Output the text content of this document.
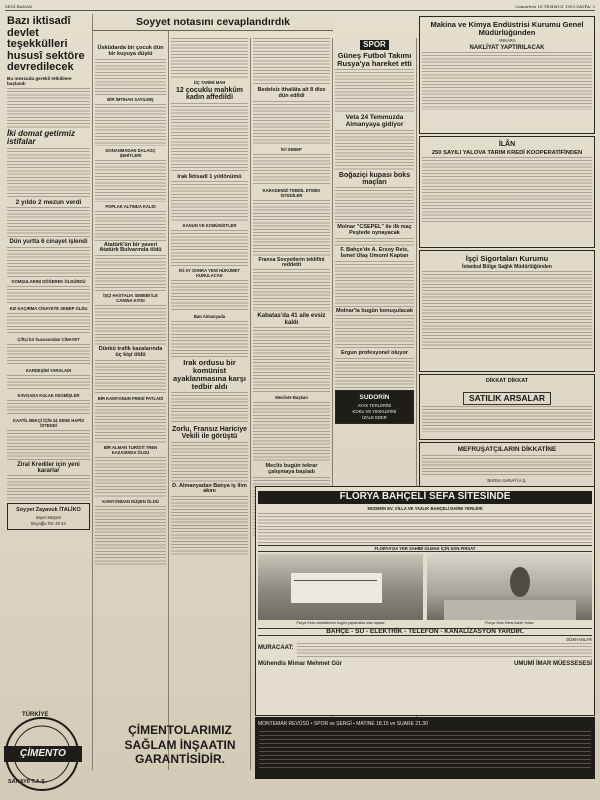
SEGİ BANAN	Cumartesi 18 TEMMUZ 1953 SAYFA: 3
Bazı iktisadî devlet teşekkülleri hususî sektöre devredilecek
Bu mevzuda gerekli tetkiklere başlandı
İki domat getirmiz istifalar
2 yıldo 2 mezun verdi
Dün yurtta 6 cinayet işlendi
KOMŞULARINI DÖĞEREK ÖLDÜRDÜ
KIZ KAÇIRMA CİNAYETE SEBEP OLDU
Çiftçi bir hususundan CİNAYET
KARDEŞİNİ YARALADI
KAVGADA KULAK KESMİŞLER
KAATİL BEKÇİ İÇİN 24 SENE HAPİS İSTENDİ
Ziraî Krediler için yeni kararlar
Soyyet Zayavuk İTALİKO
Sayın Müşteri
Beyoğlu Tel: 49 34
Üsküdarda bir çocuk dün bir kuyuya düştü
BİR İMTİHAN SAYILMIŞ
DONANMADAN DALAGÇ ŞEHİTLERİ
POPLAK ALTINDA KALDI
Atatürk'ün bir yaveri Atatürk Bulvarında öldü
İŞÇİ HASTALIK SEBEBİ İLE CANINA KIYDI
Dünkü trafik kazalarında üç kişi öldü
BİR KAMYONUN FRENİ PATLADI
BİR ALMAN TURİSTİ TREN KAZASINDA ÖLDÜ
KAMYONDAN DÜŞEN ÖLDÜ
Soyyet notasını cevaplandırdık
ÜÇ TARİHİ MAH
12 çocuklu mahkûm kadın affedildi
Irak İktisadî 1 yıldönümü
KANUN VE KOMÜNİSTLER
İKİ AY SONRA YENİ HÜKÜMET KURULACAK
Batı Almanyada
Irak ordusu bir komünist ayaklanmasına karşı tedbir aldı
Zorlu, Fransız Hariciye Vekili ile görüştü
D. Almanyadan Batıya iş ilim akını
Bedelsiz ithalâta ait 8 dize dün edildi
İKİ SEBEP
KARADENİZİ TEBDİL ETMEK İSTEDİLER
Fransa Sovyetlerin teklifini reddetti
Kabatas'da 41 aile evsiz kaldı
Mecliste Başkan
Meclis bugün tekrar çalışmaya başladı
SPOR
Güneş Futbol Takımı Rusya'ya hareket etti
Veta 24 Temmuzda Almanyaya gidiyor
Boğaziçi kupası boks maçları
Molnar "CSEPEL" ile ilk maç Peştede oynayacak
F. Bahçe'de A. Ersoy Reis, İsmet Ulaş Umumî Kaptan
Molnar'la bugün konuşulacak
Ergun profesyonel oluyor
SUDORİN
AYAK TERLERİNİ
KOKU VE YIKIKLERİNİ
İZALE EDER
Makina ve Kimya Endüstrisi Kurumu Genel Müdürlüğünden
ANKARA
NAKLİYAT YAPTIRILACAK
İLÂN
250 SAYILI YALOVA TARIM KREDİ KOOPERATİFİNDEN
İşçi Sigortaları Kurumu
İstanbul Bölge Sağlık Müdürlüğünden
DİKKAT DİKKAT
SATILIK ARSALAR
MEFRUŞATÇILARIN DİKKATİNE
BURSA SANAYİ A.Ş.
FLORYA BAHÇELİ SEFA SİTESİNDE
MODERN EV, VİLLA VE YAZLIK BAHÇELİ DAİRE YERLERİ
FLORYA'DA YER SAHİBİ OLMAK İÇİN SON FIRSAT
Florya Sefa mahallesinin bugün yapılmakta olan inşaatı	Florya Sefa Sitesi Asfalt Yolları
BAHÇE - SU - ELEKTRİK - TELEFON - KANALİZASYON YARDIR.
DÜKKANLAR
MURACAAT:
Mühendis Mimar Mehmet Gür	UMUMİ İMAR MÜESSESESİ
MONTEMAR REVÜSÜ • SPOR ve SERGİ • MATINE 18.15 ve SUARE 21.30
TÜRKİYE
ÇİMENTO
SANAYİİ T.A.Ş.
ÇİMENTOLARIMIZ
SAĞLAM İNŞAATIN
GARANTİSİDİR.
